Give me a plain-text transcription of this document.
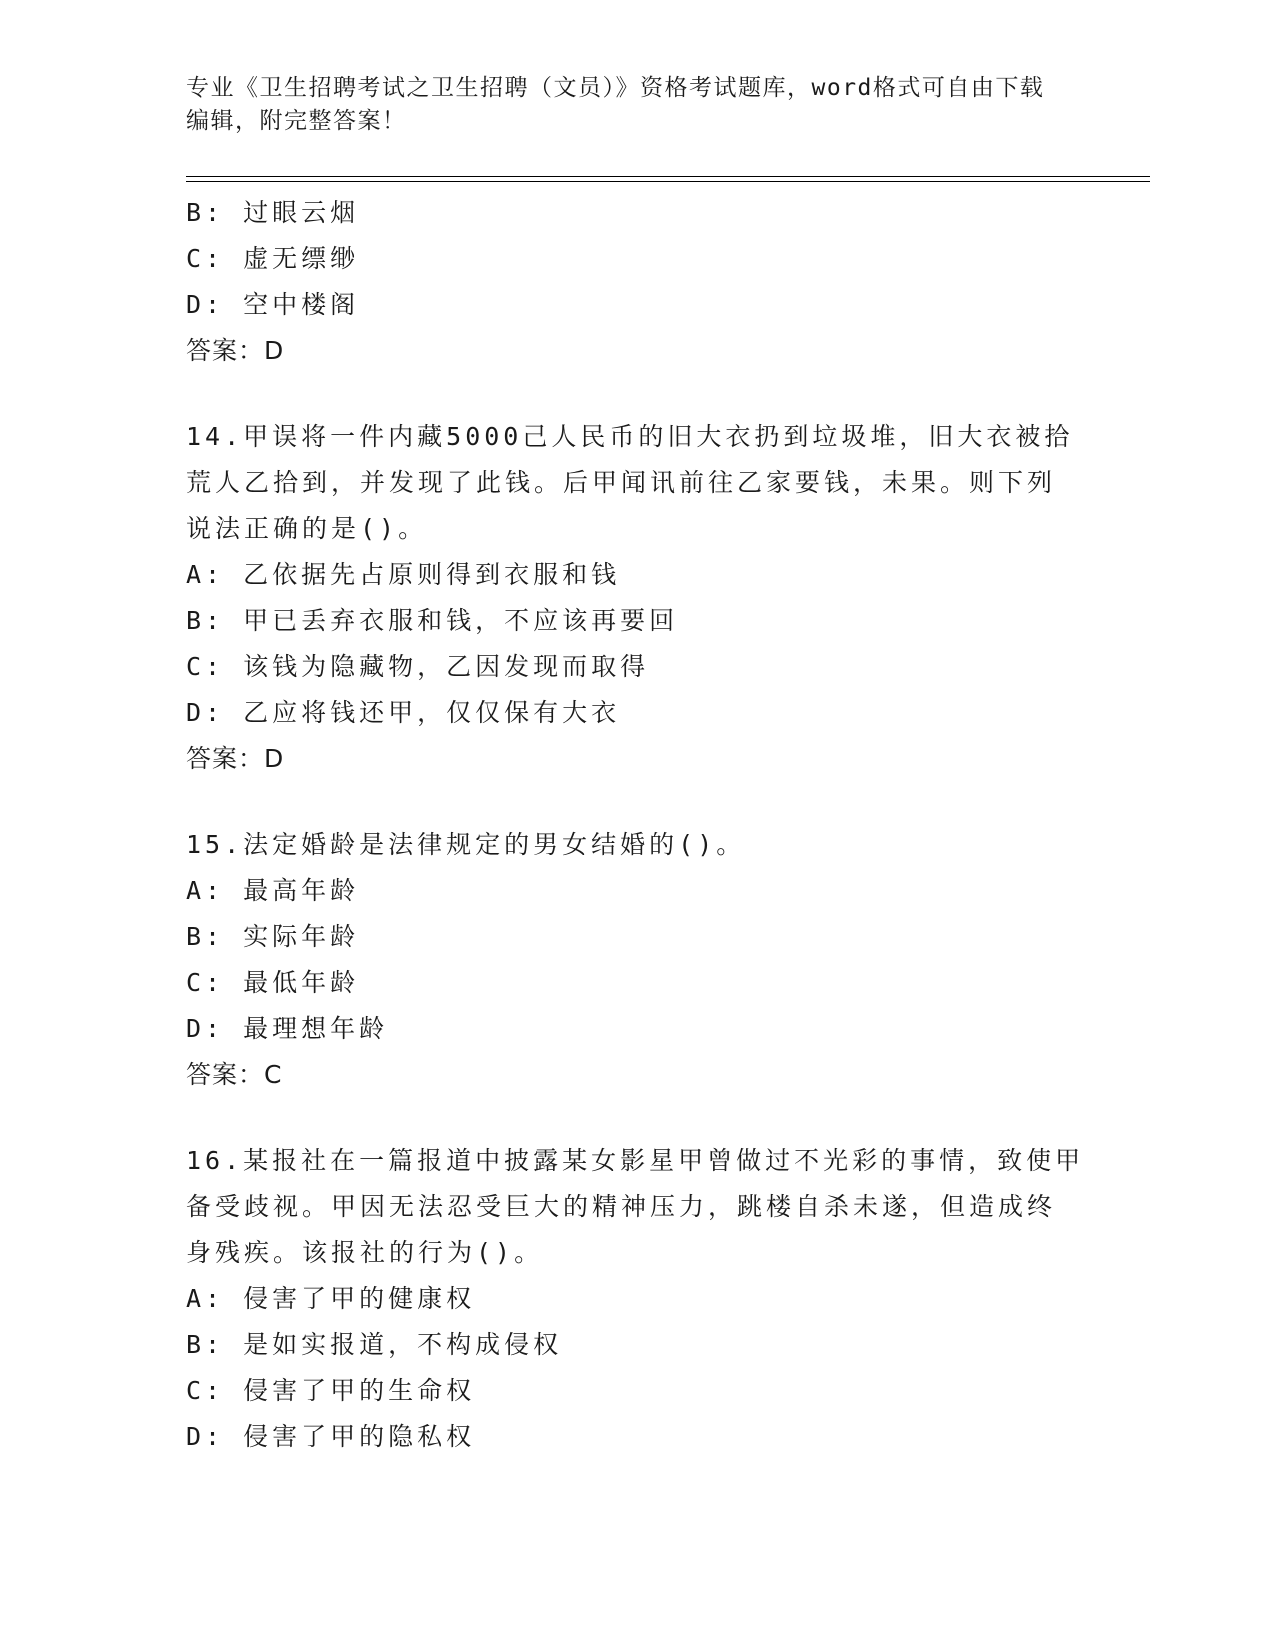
专业《卫生招聘考试之卫生招聘（文员）》资格考试题库，word格式可自由下载
编辑，附完整答案！
B: 过眼云烟
C: 虚无缥缈
D: 空中楼阁
答案：D
14.甲误将一件内藏5000己人民币的旧大衣扔到垃圾堆，旧大衣被拾
荒人乙拾到，并发现了此钱。后甲闻讯前往乙家要钱，未果。则下列
说法正确的是()。
A: 乙依据先占原则得到衣服和钱
B: 甲已丢弃衣服和钱，不应该再要回
C: 该钱为隐藏物，乙因发现而取得
D: 乙应将钱还甲，仅仅保有大衣
答案：D
15.法定婚龄是法律规定的男女结婚的()。
A: 最高年龄
B: 实际年龄
C: 最低年龄
D: 最理想年龄
答案：C
16.某报社在一篇报道中披露某女影星甲曾做过不光彩的事情，致使甲
备受歧视。甲因无法忍受巨大的精神压力，跳楼自杀未遂，但造成终
身残疾。该报社的行为()。
A: 侵害了甲的健康权
B: 是如实报道，不构成侵权
C: 侵害了甲的生命权
D: 侵害了甲的隐私权
